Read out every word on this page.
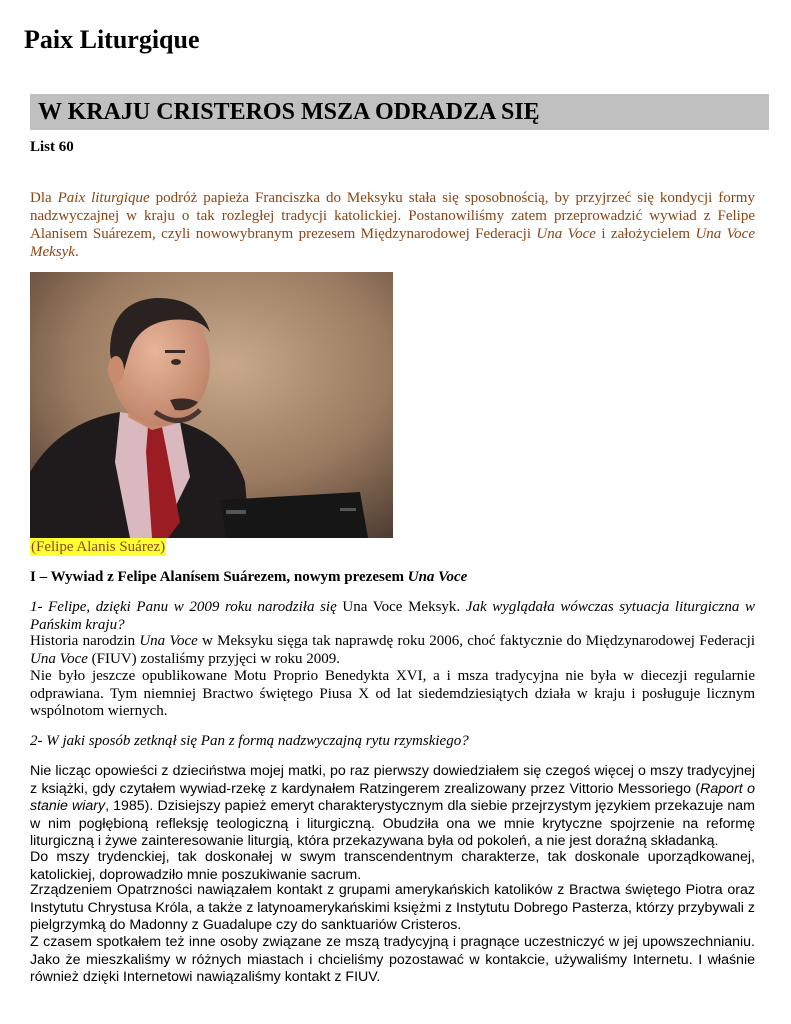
Paix Liturgique
W KRAJU CRISTEROS MSZA ODRADZA SIĘ
List 60

Dla Paix liturgique podróż papieża Franciszka do Meksyku stała się sposobnością, by przyjrzeć się kondycji formy nadzwyczajnej w kraju o tak rozległej tradycji katolickiej. Postanowiliśmy zatem przeprowadzić wywiad z Felipe Alanisem Suárezem, czyli nowowybranym prezesem Międzynarodowej Federacji Una Voce i założycielem Una Voce Meksyk.

(Felipe Alanis Suárez)
I – Wywiad z Felipe Alanísem Suárezem, nowym prezesem Una Voce

1- Felipe, dzięki Panu w 2009 roku narodziła się Una Voce Meksyk. Jak wyglądała wówczas sytuacja liturgiczna w Pańskim kraju?

Historia narodzin Una Voce w Meksyku sięga tak naprawdę roku 2006, choć faktycznie do Międzynarodowej Federacji Una Voce (FIUV) zostaliśmy przyjęci w roku 2009.

Nie było jeszcze opublikowane Motu Proprio Benedykta XVI, a i msza tradycyjna nie była w diecezji regularnie odprawiana. Tym niemniej Bractwo świętego Piusa X od lat siedemdziesiątych działa w kraju i posługuje licznym wspólnotom wiernych.

2- W jaki sposób zetknął się Pan z formą nadzwyczajną rytu rzymskiego?

Nie licząc opowieści z dzieciństwa mojej matki, po raz pierwszy dowiedziałem się czegoś więcej o mszy tradycyjnej z książki, gdy czytałem wywiad-rzekę z kardynałem Ratzingerem zrealizowany przez Vittorio Messoriego (Raport o stanie wiary, 1985). Dzisiejszy papież emeryt charakterystycznym dla siebie przejrzystym językiem przekazuje nam w nim pogłębioną refleksję teologiczną i liturgiczną. Obudziła ona we mnie krytyczne spojrzenie na reformę liturgiczną i żywe zainteresowanie liturgią, która przekazywana była od pokoleń, a nie jest doraźną składanką.

Do mszy trydenckiej, tak doskonałej w swym transcendentnym charakterze, tak doskonale uporządkowanej, katolickiej, doprowadziło mnie poszukiwanie sacrum.

Zrządzeniem Opatrzności nawiązałem kontakt z grupami amerykańskich katolików z Bractwa świętego Piotra oraz Instytutu Chrystusa Króla, a także z latynoamerykańskimi księżmi z Instytutu Dobrego Pasterza, którzy przybywali z pielgrzymką do Madonny z Guadalupe czy do sanktuariów Cristeros.

Z czasem spotkałem też inne osoby związane ze mszą tradycyjną i pragnące uczestniczyć w jej upowszechnianiu. Jako że mieszkaliśmy w różnych miastach i chcieliśmy pozostawać w kontakcie, używaliśmy Internetu. I właśnie również dzięki Internetowi nawiązaliśmy kontakt z FIUV.
